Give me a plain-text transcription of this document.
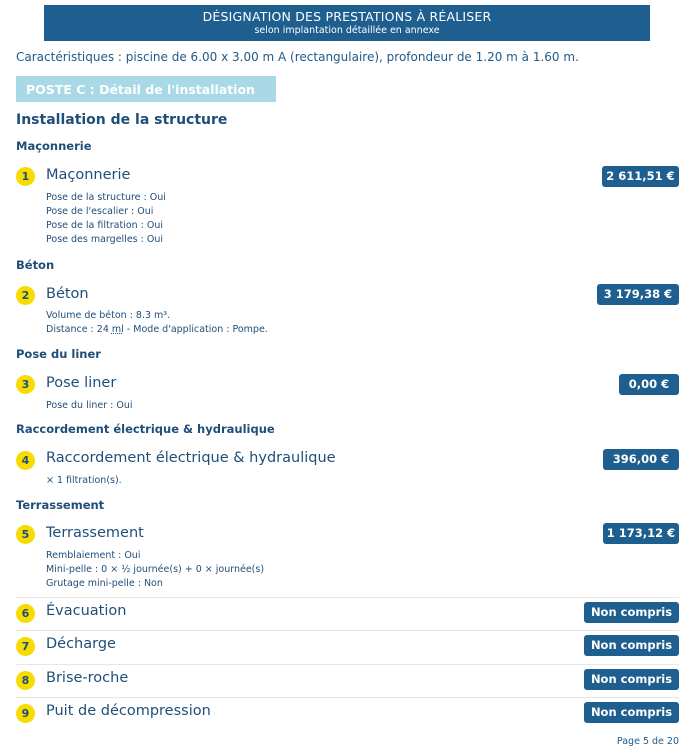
DÉSIGNATION DES PRESTATIONS À RÉALISER
selon implantation détaillée en annexe
Caractéristiques : piscine de 6.00 x 3.00 m A (rectangulaire), profondeur de 1.20 m à 1.60 m.
POSTE C : Détail de l'installation
Installation de la structure
Maçonnerie
1	Maçonnerie	2 611,51 €
Pose de la structure : Oui
Pose de l'escalier : Oui
Pose de la filtration : Oui
Pose des margelles : Oui
Béton
2	Béton	3 179,38 €
Volume de béton : 8.3 m³.
Distance : 24 ml - Mode d'application : Pompe.
Pose du liner
3	Pose liner	0,00 €
Pose du liner : Oui
Raccordement électrique & hydraulique
4	Raccordement électrique & hydraulique	396,00 €
× 1 filtration(s).
Terrassement
5	Terrassement	1 173,12 €
Remblaiement : Oui
Mini-pelle : 0 × ½ journée(s) + 0 × journée(s)
Grutage mini-pelle : Non
6	Évacuation	Non compris
7	Décharge	Non compris
8	Brise-roche	Non compris
9	Puit de décompression	Non compris
Page 5 de 20
